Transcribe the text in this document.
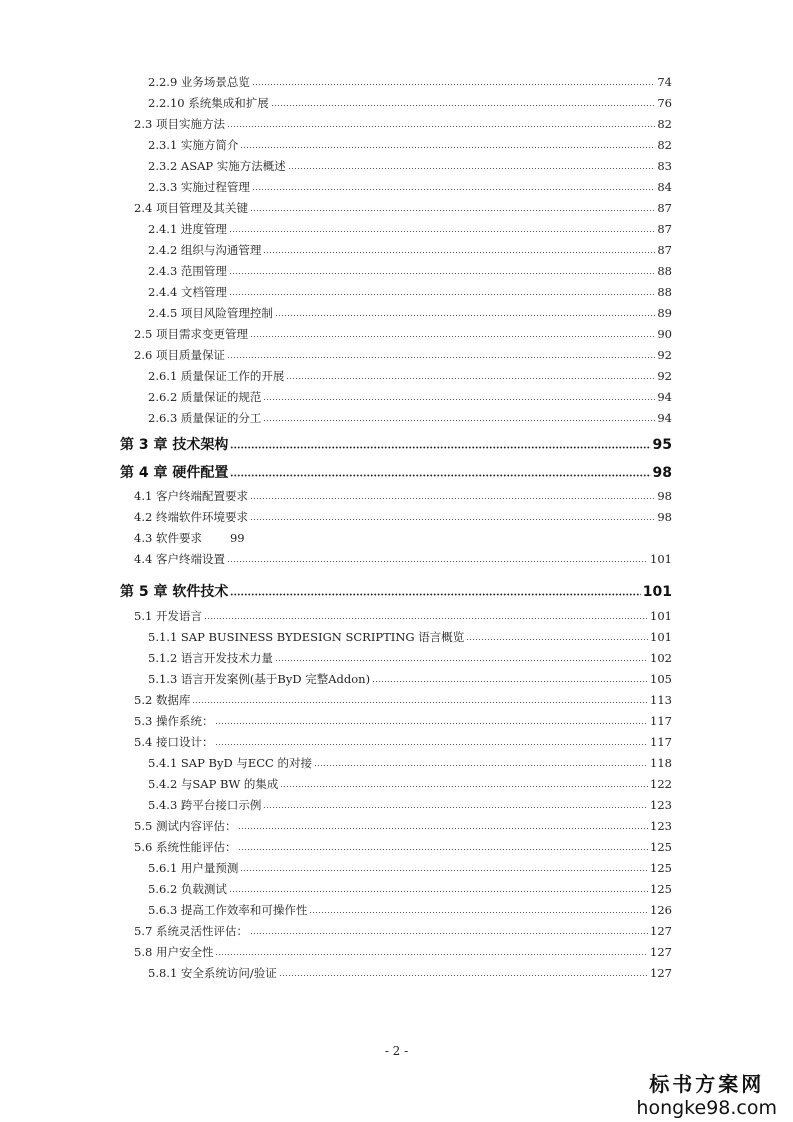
2.2.9 业务场景总览	74
2.2.10 系统集成和扩展	76
2.3 项目实施方法	82
2.3.1 实施方简介	82
2.3.2 ASAP 实施方法概述	83
2.3.3 实施过程管理	84
2.4 项目管理及其关键	87
2.4.1 进度管理	87
2.4.2 组织与沟通管理	87
2.4.3 范围管理	88
2.4.4 文档管理	88
2.4.5 项目风险管理控制	89
2.5 项目需求变更管理	90
2.6 项目质量保证	92
2.6.1 质量保证工作的开展	92
2.6.2 质量保证的规范	94
2.6.3 质量保证的分工	94
第 3 章 技术架构	95
第 4 章 硬件配置	98
4.1 客户终端配置要求	98
4.2 终端软件环境要求	98
4.3 软件要求 99
4.4 客户终端设置	101
第 5 章 软件技术	101
5.1 开发语言	101
5.1.1 SAP BUSINESS BYDESIGN SCRIPTING 语言概览	101
5.1.2 语言开发技术力量	102
5.1.3 语言开发案例(基于ByD 完整Addon)	105
5.2 数据库	113
5.3 操作系统：	117
5.4 接口设计：	117
5.4.1 SAP ByD 与ECC 的对接	118
5.4.2 与SAP BW 的集成	122
5.4.3 跨平台接口示例	123
5.5 测试内容评估：	123
5.6 系统性能评估：	125
5.6.1 用户量预测	125
5.6.2 负载测试	125
5.6.3 提高工作效率和可操作性	126
5.7 系统灵活性评估：	127
5.8 用户安全性	127
5.8.1 安全系统访问/验证	127
- 2 -
标书方案网
hongke98.com
